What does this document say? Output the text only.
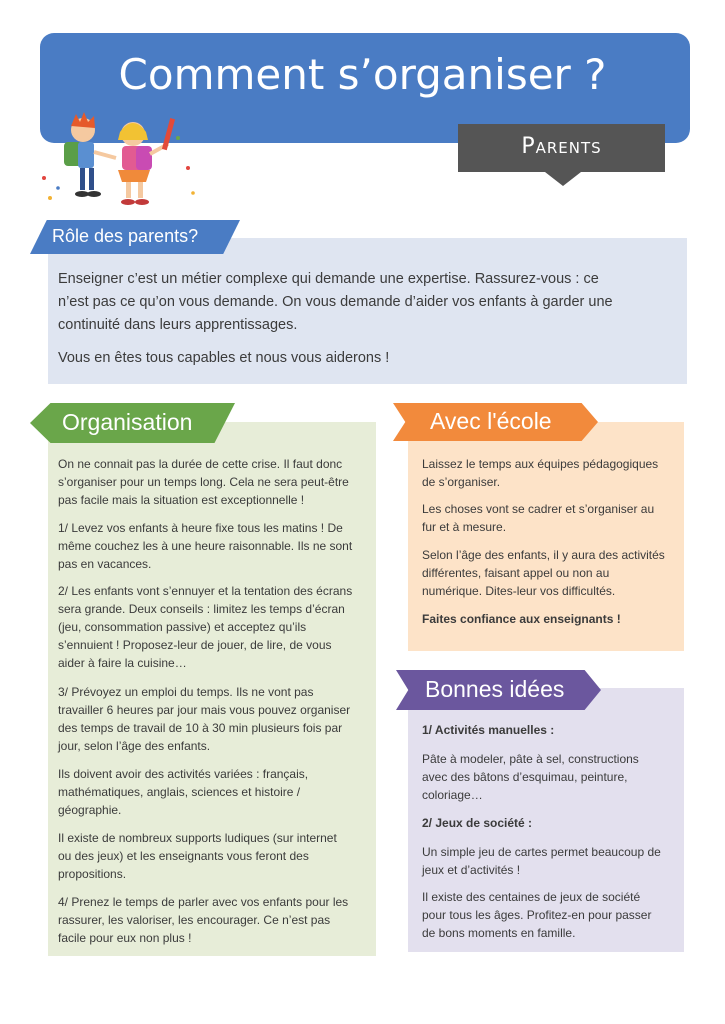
Comment s’organiser ?
Parents
Rôle des parents?
Enseigner c’est un métier complexe qui demande une expertise. Rassurez-vous : ce
n’est pas ce qu’on vous demande. On vous demande d’aider vos enfants à garder une
continuité dans leurs apprentissages.
Vous en êtes tous capables et nous vous aiderons !
Organisation
On ne connait pas la durée de cette crise. Il faut donc
s’organiser pour un temps long. Cela ne sera peut-être
pas facile mais la situation est exceptionnelle !
1/ Levez vos enfants à heure fixe tous les matins ! De
même couchez les à une heure raisonnable. Ils ne sont
pas en vacances.
2/ Les enfants vont s’ennuyer et la tentation des écrans
sera grande. Deux conseils : limitez les temps d’écran
(jeu, consommation passive) et acceptez qu’ils
s’ennuient ! Proposez-leur de jouer, de lire, de vous
aider à faire la cuisine…
3/ Prévoyez un emploi du temps. Ils ne vont pas
travailler 6 heures par jour mais vous pouvez organiser
des temps de travail de 10 à 30 min plusieurs fois par
jour, selon l’âge des enfants.
Ils doivent avoir des activités variées : français,
mathématiques, anglais, sciences et histoire /
géographie.
Il existe de nombreux supports ludiques (sur internet
ou des jeux) et les enseignants vous feront des
propositions.
4/ Prenez le temps de parler avec vos enfants pour les
rassurer, les valoriser, les encourager. Ce n’est pas
facile pour eux non plus !
Avec l'école
Laissez le temps aux équipes pédagogiques
de s’organiser.
Les choses vont se cadrer et s’organiser au
fur et à mesure.
Selon l’âge des enfants, il y aura des activités
différentes, faisant appel ou non au
numérique. Dites-leur vos difficultés.
Faites confiance aux enseignants !
Bonnes idées
1/ Activités manuelles :
Pâte à modeler, pâte à sel, constructions
avec des bâtons d’esquimau, peinture,
coloriage…
2/ Jeux de société :
Un simple jeu de cartes permet beaucoup de
jeux et d’activités !
Il existe des centaines de jeux de société
pour tous les âges. Profitez-en pour passer
de bons moments en famille.
